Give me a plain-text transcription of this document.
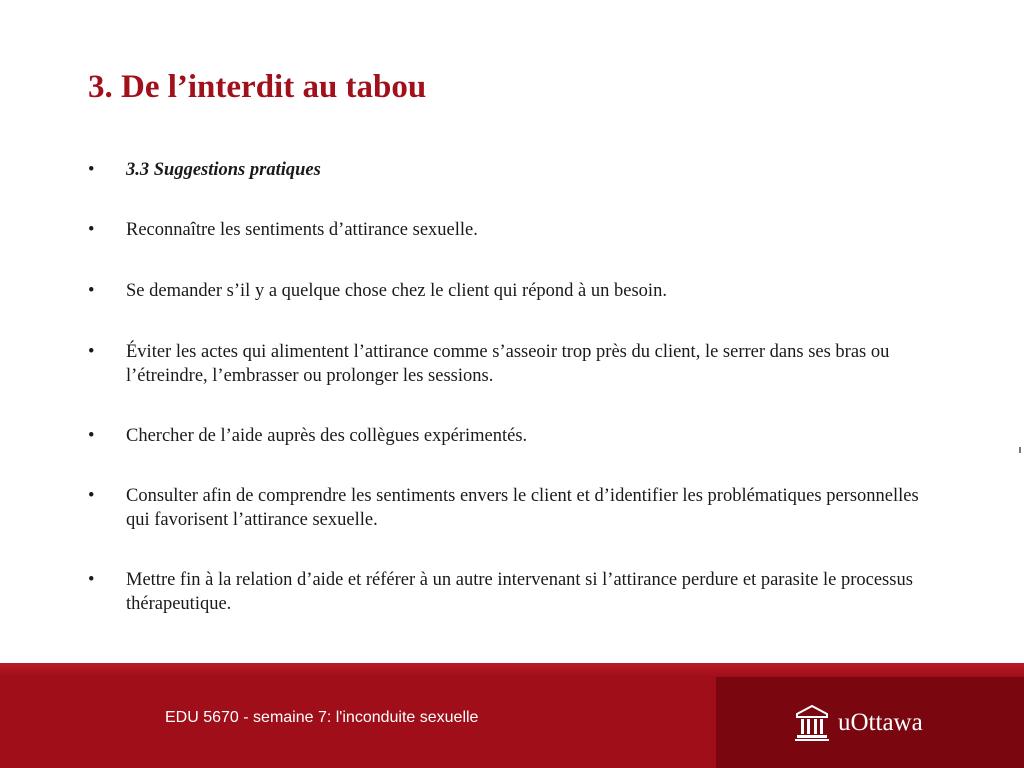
3. De l’interdit au tabou
•	3.3 Suggestions pratiques
•	Reconnaître les sentiments d’attirance sexuelle.
•	Se demander s’il y a quelque chose chez le client qui répond à un besoin.
•	Éviter les actes qui alimentent l’attirance comme s’asseoir trop près du client, le serrer dans ses bras ou l’étreindre, l’embrasser ou prolonger les sessions.
•	Chercher de l’aide auprès des collègues expérimentés.
•	Consulter afin de comprendre les sentiments envers le client et d’identifier les problématiques personnelles qui favorisent l’attirance sexuelle.
•	Mettre fin à la relation d’aide et référer à un autre intervenant si l’attirance perdure et parasite le processus thérapeutique.
EDU 5670 - semaine 7: l'inconduite sexuelle	uOttawa
